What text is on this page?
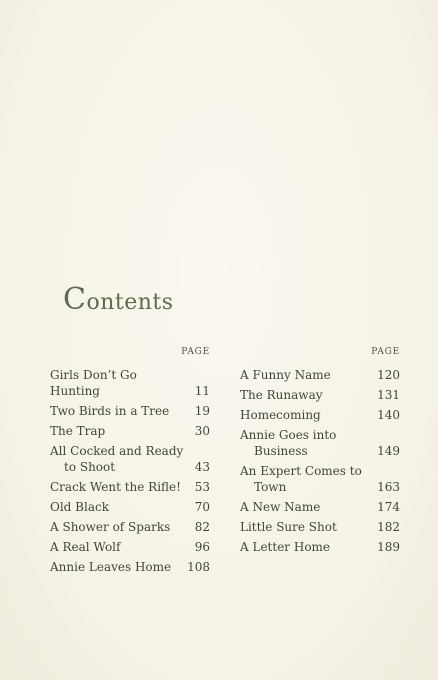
Contents
PAGE
Girls Don’t Go Hunting	11
Two Birds in a Tree	19
The Trap	30
All Cocked and Ready
to Shoot	43
Crack Went the Rifle!	53
Old Black	70
A Shower of Sparks	82
A Real Wolf	96
Annie Leaves Home	108
PAGE
A Funny Name	120
The Runaway	131
Homecoming	140
Annie Goes into
Business	149
An Expert Comes to
Town	163
A New Name	174
Little Sure Shot	182
A Letter Home	189
